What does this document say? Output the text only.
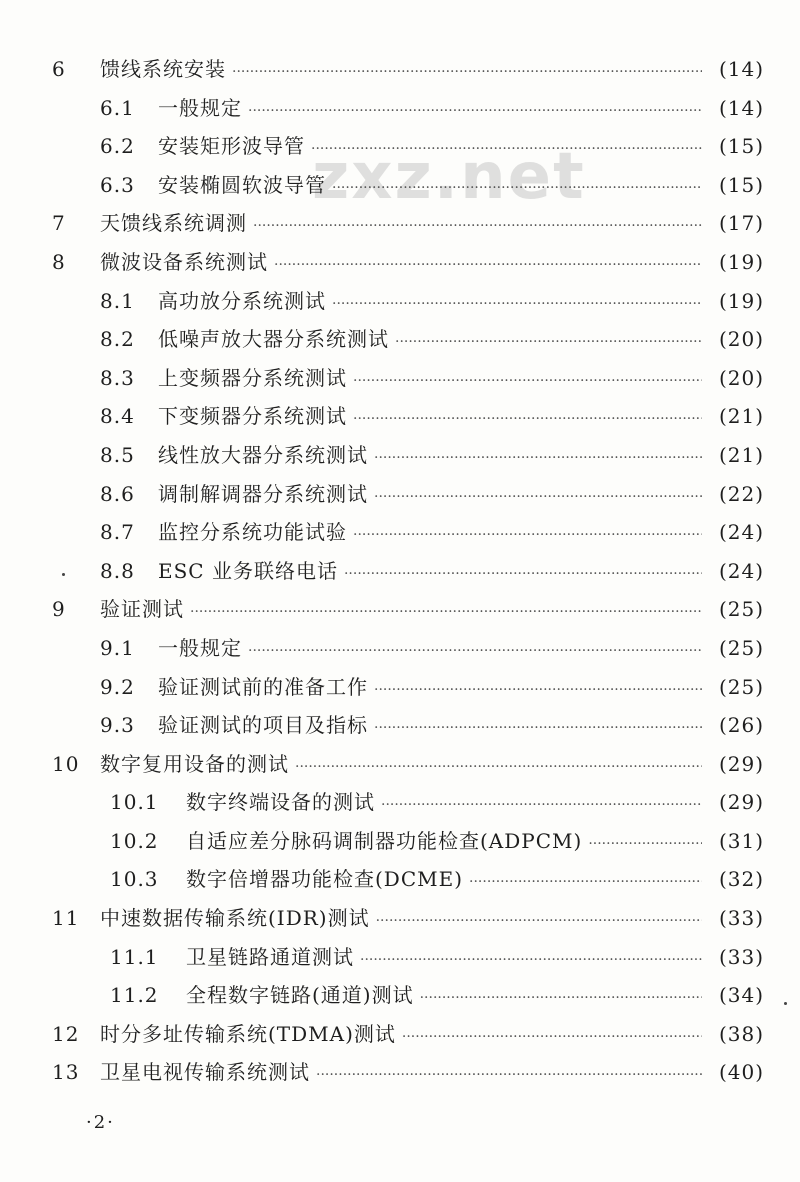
zxz.net
6	馈线系统安装 ·····	(14)
6.1	一般规定 ·····	(14)
6.2	安装矩形波导管 ·····	(15)
6.3	安装椭圆软波导管 ·····	(15)
7	天馈线系统调测 ·····	(17)
8	微波设备系统测试 ·····	(19)
8.1	高功放分系统测试 ·····	(19)
8.2	低噪声放大器分系统测试 ·····	(20)
8.3	上变频器分系统测试 ·····	(20)
8.4	下变频器分系统测试 ·····	(21)
8.5	线性放大器分系统测试 ·····	(21)
8.6	调制解调器分系统测试 ·····	(22)
8.7	监控分系统功能试验 ·····	(24)
8.8	ESC 业务联络电话 ·····	(24)
9	验证测试 ·····	(25)
9.1	一般规定 ·····	(25)
9.2	验证测试前的准备工作 ·····	(25)
9.3	验证测试的项目及指标 ·····	(26)
10	数字复用设备的测试 ·····	(29)
10.1	数字终端设备的测试 ·····	(29)
10.2	自适应差分脉码调制器功能检查(ADPCM) ·····	(31)
10.3	数字倍增器功能检查(DCME) ·····	(32)
11	中速数据传输系统(IDR)测试 ·····	(33)
11.1	卫星链路通道测试 ·····	(33)
11.2	全程数字链路(通道)测试 ·····	(34)
12	时分多址传输系统(TDMA)测试 ·····	(38)
13	卫星电视传输系统测试 ·····	(40)
·2·
